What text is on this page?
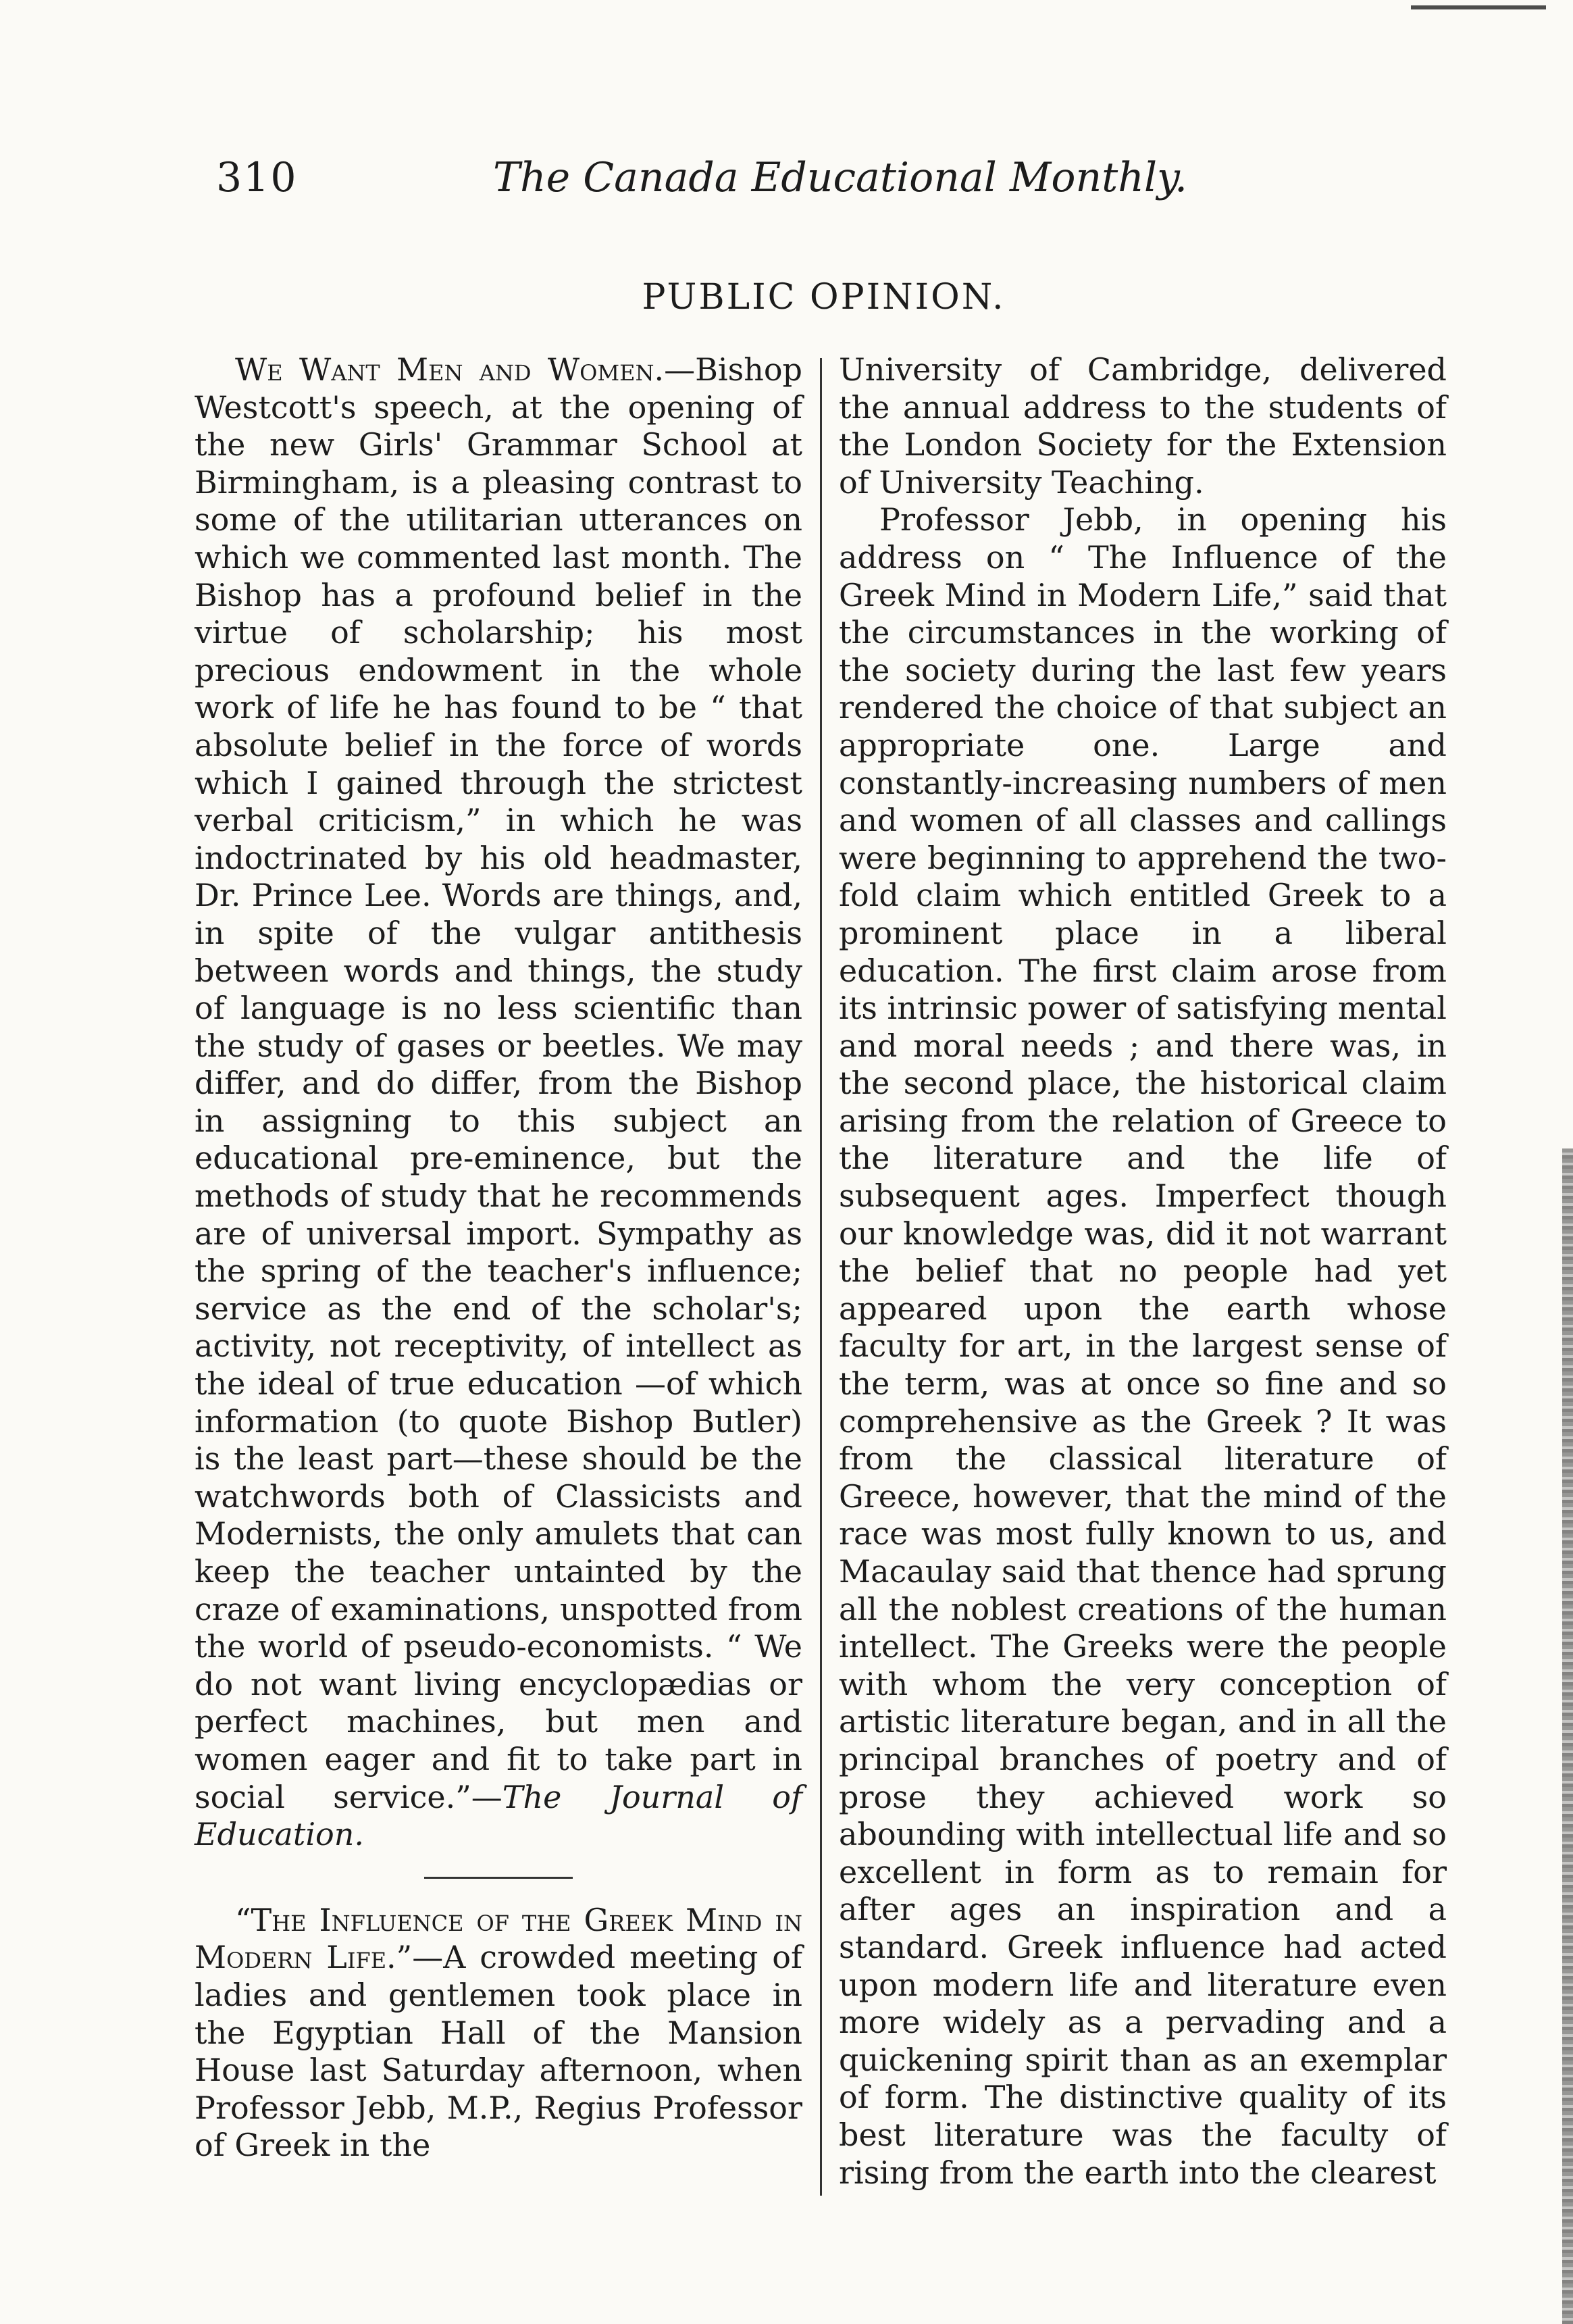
310	The Canada Educational Monthly.
PUBLIC OPINION.

We Want Men and Women.—Bishop Westcott's speech, at the opening of the new Girls' Grammar School at Birmingham, is a pleasing contrast to some of the utilitarian utterances on which we commented last month. The Bishop has a profound belief in the virtue of scholarship; his most precious endowment in the whole work of life he has found to be “ that absolute belief in the force of words which I gained through the strictest verbal criticism,” in which he was indoctrinated by his old headmaster, Dr. Prince Lee. Words are things, and, in spite of the vulgar antithesis between words and things, the study of language is no less scientific than the study of gases or beetles. We may differ, and do differ, from the Bishop in assigning to this subject an educational pre-eminence, but the methods of study that he recommends are of universal import. Sympathy as the spring of the teacher's influence; service as the end of the scholar's; activity, not receptivity, of intellect as the ideal of true education —of which information (to quote Bishop Butler) is the least part—these should be the watchwords both of Classicists and Modernists, the only amulets that can keep the teacher untainted by the craze of examinations, unspotted from the world of pseudo-economists. “ We do not want living encyclopædias or perfect machines, but men and women eager and fit to take part in social service.”—The Journal of Education.

“The Influence of the Greek Mind in Modern Life.”—A crowded meeting of ladies and gentlemen took place in the Egyptian Hall of the Mansion House last Saturday afternoon, when Professor Jebb, M.P., Regius Professor of Greek in the

University of Cambridge, delivered the annual address to the students of the London Society for the Extension of University Teaching.

Professor Jebb, in opening his address on “ The Influence of the Greek Mind in Modern Life,” said that the circumstances in the working of the society during the last few years rendered the choice of that subject an appropriate one. Large and constantly-increasing numbers of men and women of all classes and callings were beginning to apprehend the two-fold claim which entitled Greek to a prominent place in a liberal education. The first claim arose from its intrinsic power of satisfying mental and moral needs ; and there was, in the second place, the historical claim arising from the relation of Greece to the literature and the life of subsequent ages. Imperfect though our knowledge was, did it not warrant the belief that no people had yet appeared upon the earth whose faculty for art, in the largest sense of the term, was at once so fine and so comprehensive as the Greek ? It was from the classical literature of Greece, however, that the mind of the race was most fully known to us, and Macaulay said that thence had sprung all the noblest creations of the human intellect. The Greeks were the people with whom the very conception of artistic literature began, and in all the principal branches of poetry and of prose they achieved work so abounding with intellectual life and so excellent in form as to remain for after ages an inspiration and a standard. Greek influence had acted upon modern life and literature even more widely as a pervading and a quickening spirit than as an exemplar of form. The distinctive quality of its best literature was the faculty of rising from the earth into the clearest
